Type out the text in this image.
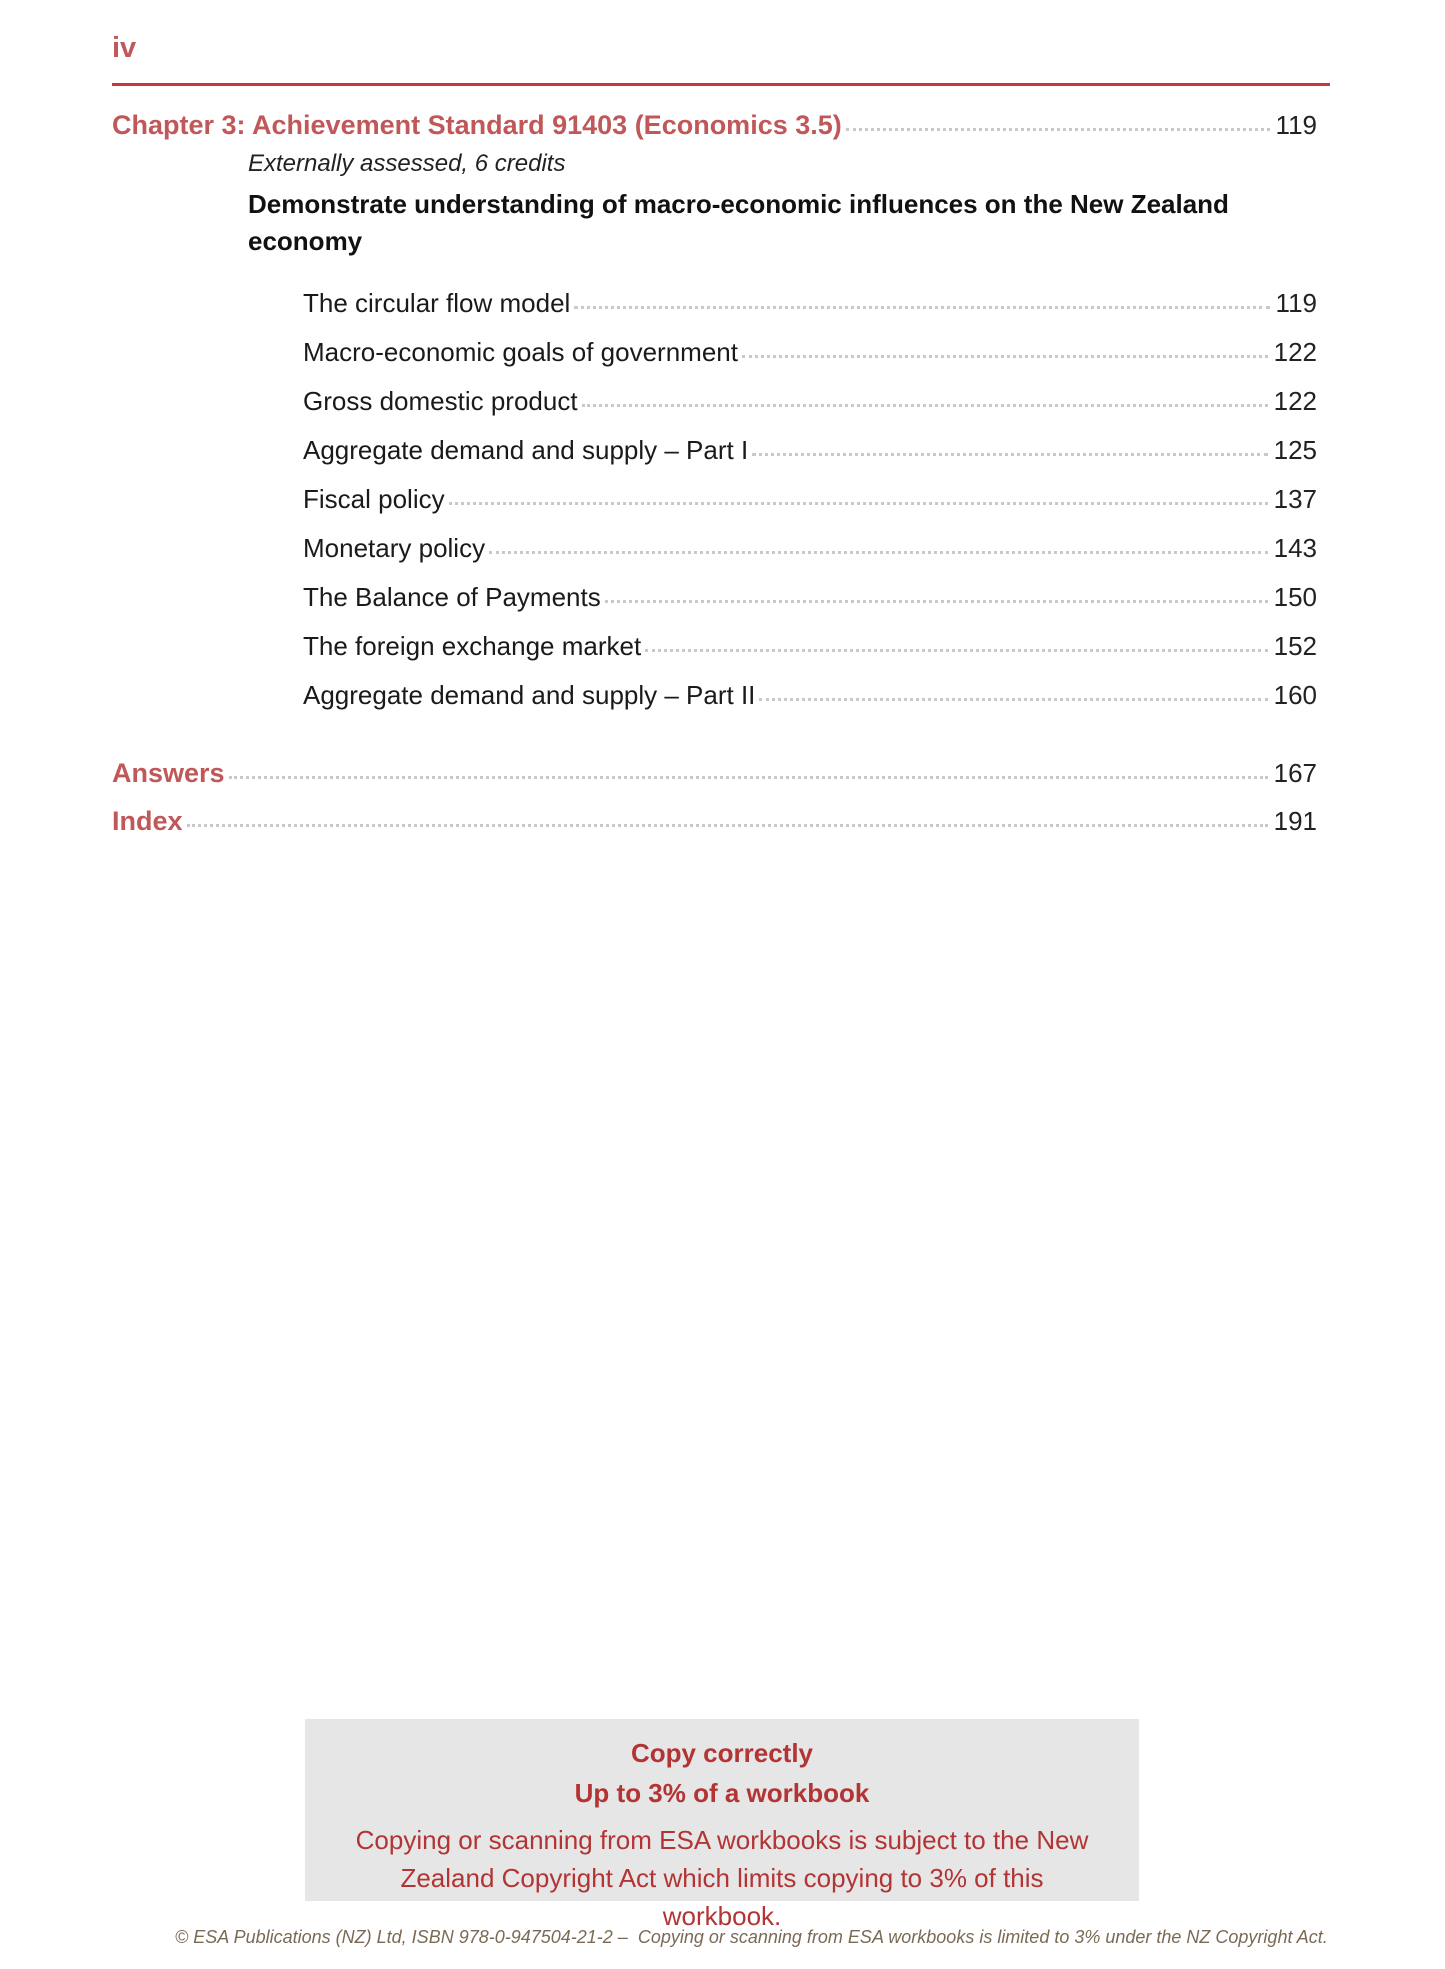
iv
Chapter 3: Achievement Standard 91403 (Economics 3.5)	119
Externally assessed, 6 credits
Demonstrate understanding of macro-economic influences on the New Zealand economy
The circular flow model	119
Macro-economic goals of government	122
Gross domestic product	122
Aggregate demand and supply – Part I	125
Fiscal policy	137
Monetary policy	143
The Balance of Payments	150
The foreign exchange market	152
Aggregate demand and supply – Part II	160
Answers	167
Index	191
Copy correctly
Up to 3% of a workbook
Copying or scanning from ESA workbooks is subject to the New Zealand Copyright Act which limits copying to 3% of this workbook.
© ESA Publications (NZ) Ltd, ISBN 978-0-947504-21-2 –  Copying or scanning from ESA workbooks is limited to 3% under the NZ Copyright Act.
